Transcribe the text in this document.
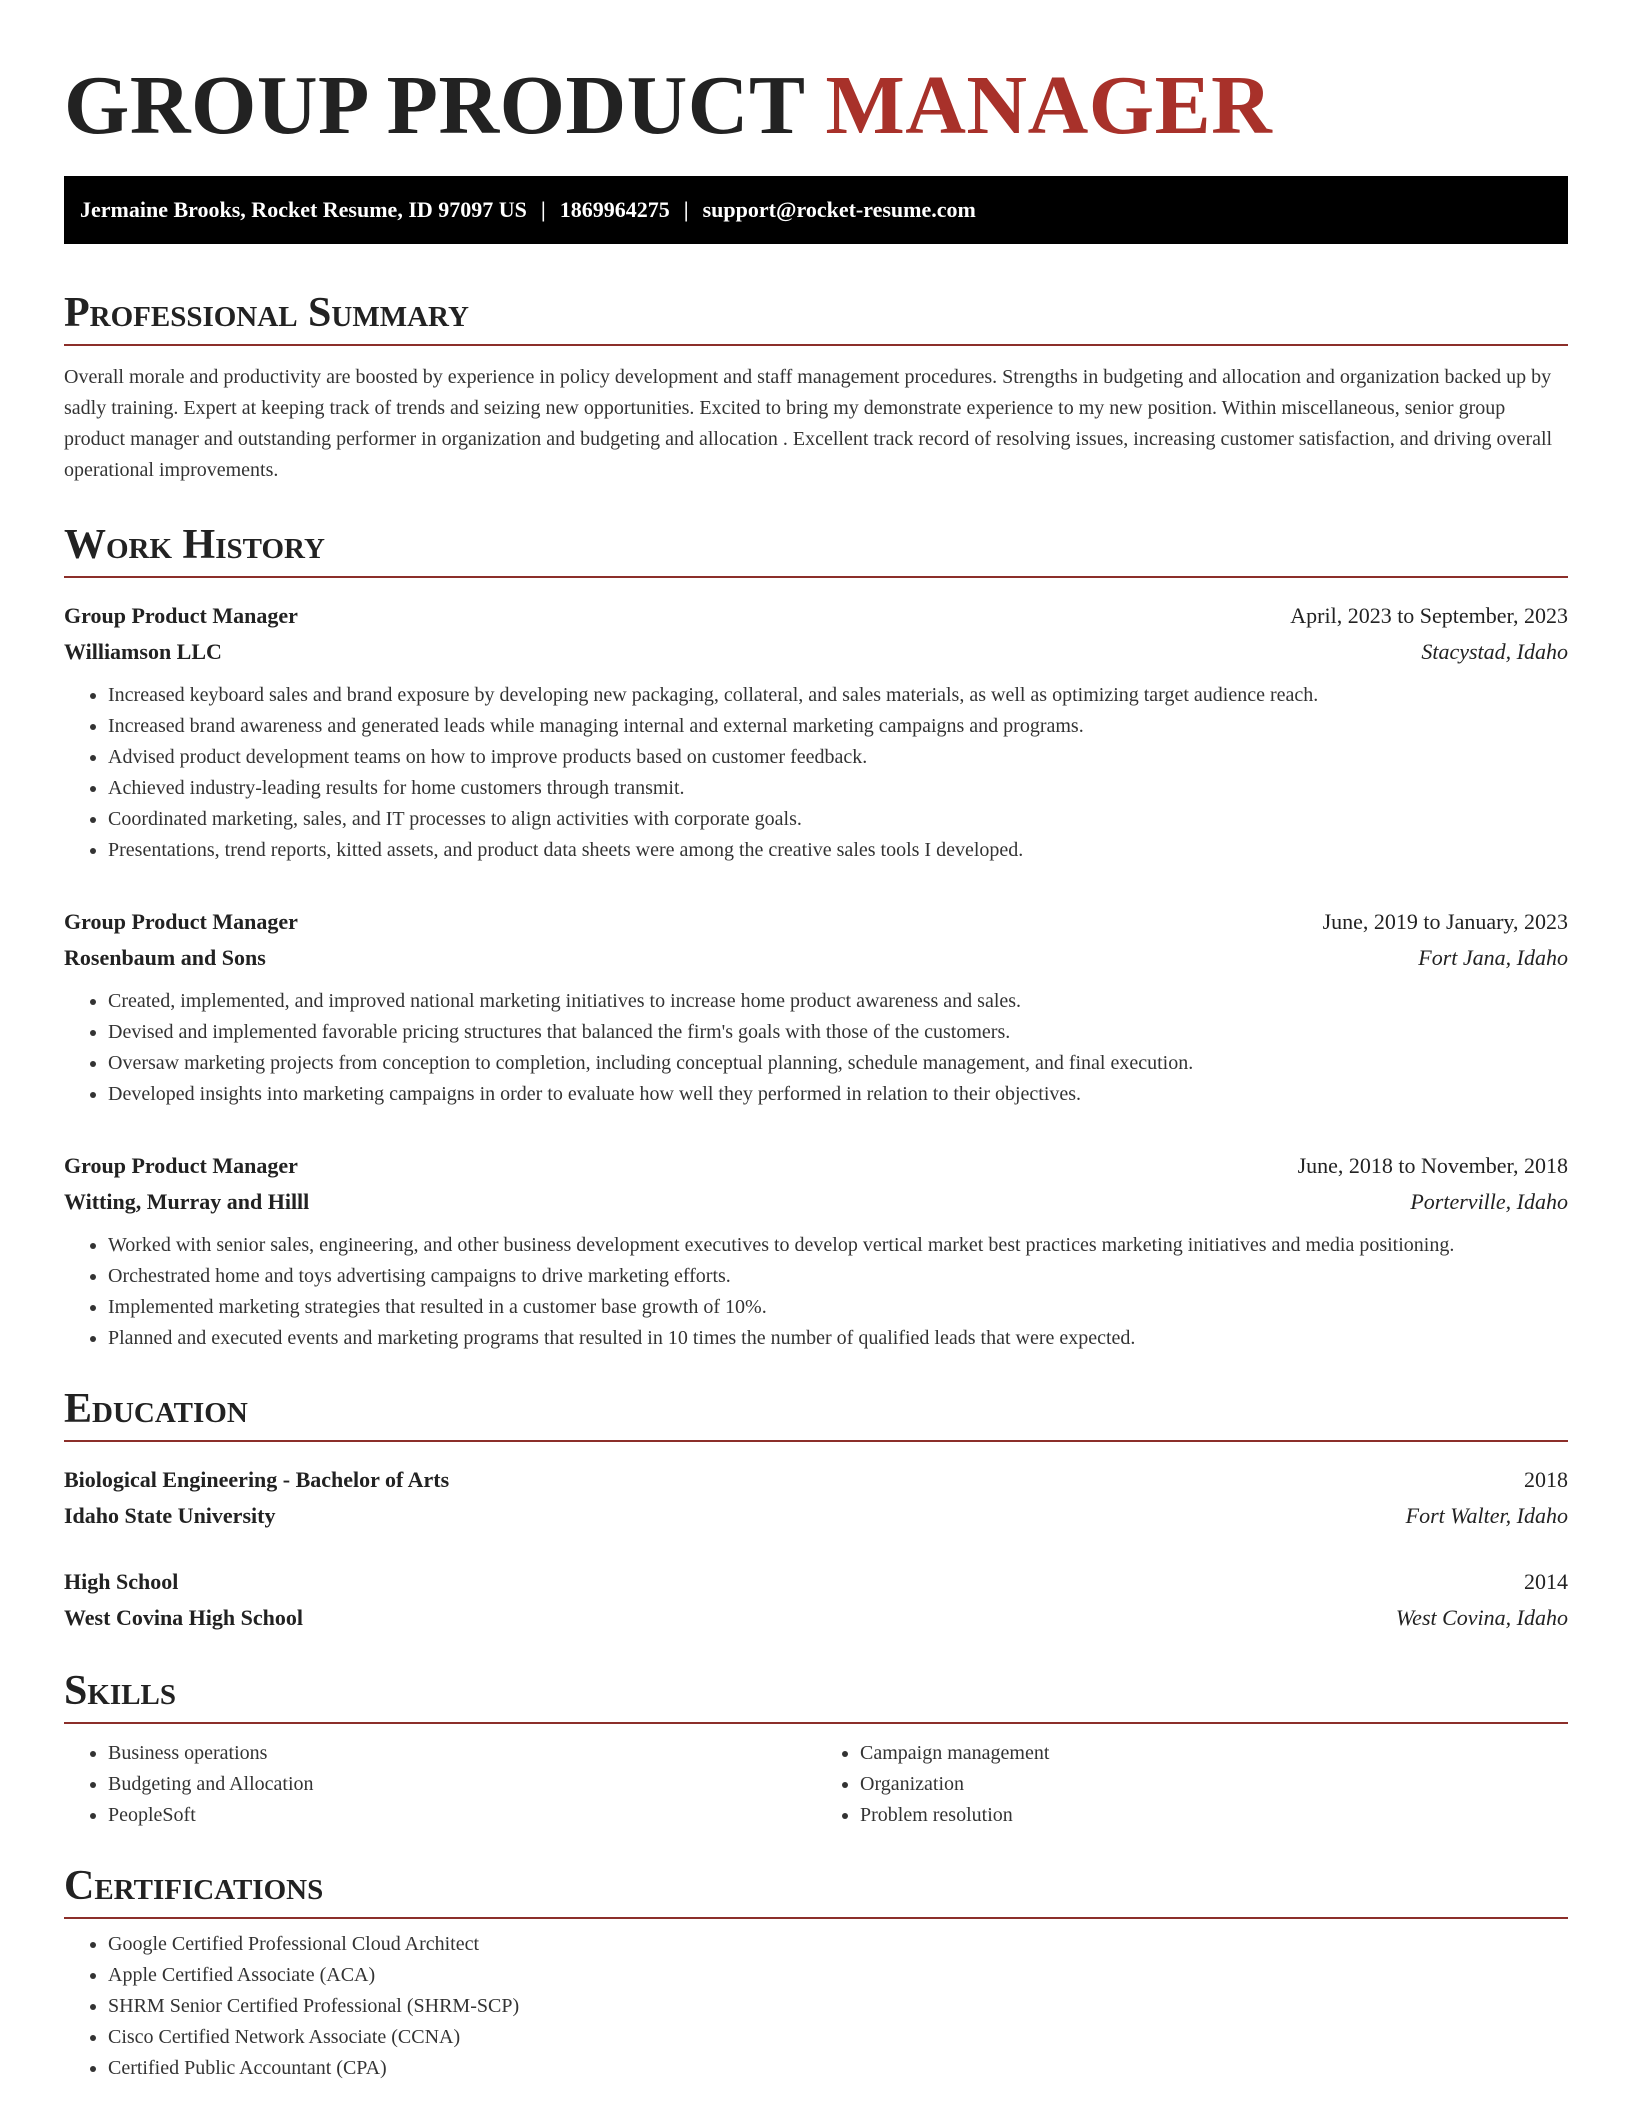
GROUP PRODUCT MANAGER
Jermaine Brooks, Rocket Resume, ID 97097 US | 1869964275 | support@rocket-resume.com
Professional Summary

Overall morale and productivity are boosted by experience in policy development and staff management procedures. Strengths in budgeting and allocation and organization backed up by sadly training. Expert at keeping track of trends and seizing new opportunities. Excited to bring my demonstrate experience to my new position. Within miscellaneous, senior group product manager and outstanding performer in organization and budgeting and allocation . Excellent track record of resolving issues, increasing customer satisfaction, and driving overall operational improvements.

Work History
Group Product Manager	April, 2023 to September, 2023
Williamson LLC	Stacystad, Idaho
• Increased keyboard sales and brand exposure by developing new packaging, collateral, and sales materials, as well as optimizing target audience reach.
• Increased brand awareness and generated leads while managing internal and external marketing campaigns and programs.
• Advised product development teams on how to improve products based on customer feedback.
• Achieved industry-leading results for home customers through transmit.
• Coordinated marketing, sales, and IT processes to align activities with corporate goals.
• Presentations, trend reports, kitted assets, and product data sheets were among the creative sales tools I developed.
Group Product Manager	June, 2019 to January, 2023
Rosenbaum and Sons	Fort Jana, Idaho
• Created, implemented, and improved national marketing initiatives to increase home product awareness and sales.
• Devised and implemented favorable pricing structures that balanced the firm's goals with those of the customers.
• Oversaw marketing projects from conception to completion, including conceptual planning, schedule management, and final execution.
• Developed insights into marketing campaigns in order to evaluate how well they performed in relation to their objectives.
Group Product Manager	June, 2018 to November, 2018
Witting, Murray and Hilll	Porterville, Idaho
• Worked with senior sales, engineering, and other business development executives to develop vertical market best practices marketing initiatives and media positioning.
• Orchestrated home and toys advertising campaigns to drive marketing efforts.
• Implemented marketing strategies that resulted in a customer base growth of 10%.
• Planned and executed events and marketing programs that resulted in 10 times the number of qualified leads that were expected.
Education
Biological Engineering - Bachelor of Arts	2018
Idaho State University	Fort Walter, Idaho
High School	2014
West Covina High School	West Covina, Idaho
Skills
• Business operations
• Budgeting and Allocation
• PeopleSoft
• Campaign management
• Organization
• Problem resolution
Certifications
• Google Certified Professional Cloud Architect
• Apple Certified Associate (ACA)
• SHRM Senior Certified Professional (SHRM-SCP)
• Cisco Certified Network Associate (CCNA)
• Certified Public Accountant (CPA)
